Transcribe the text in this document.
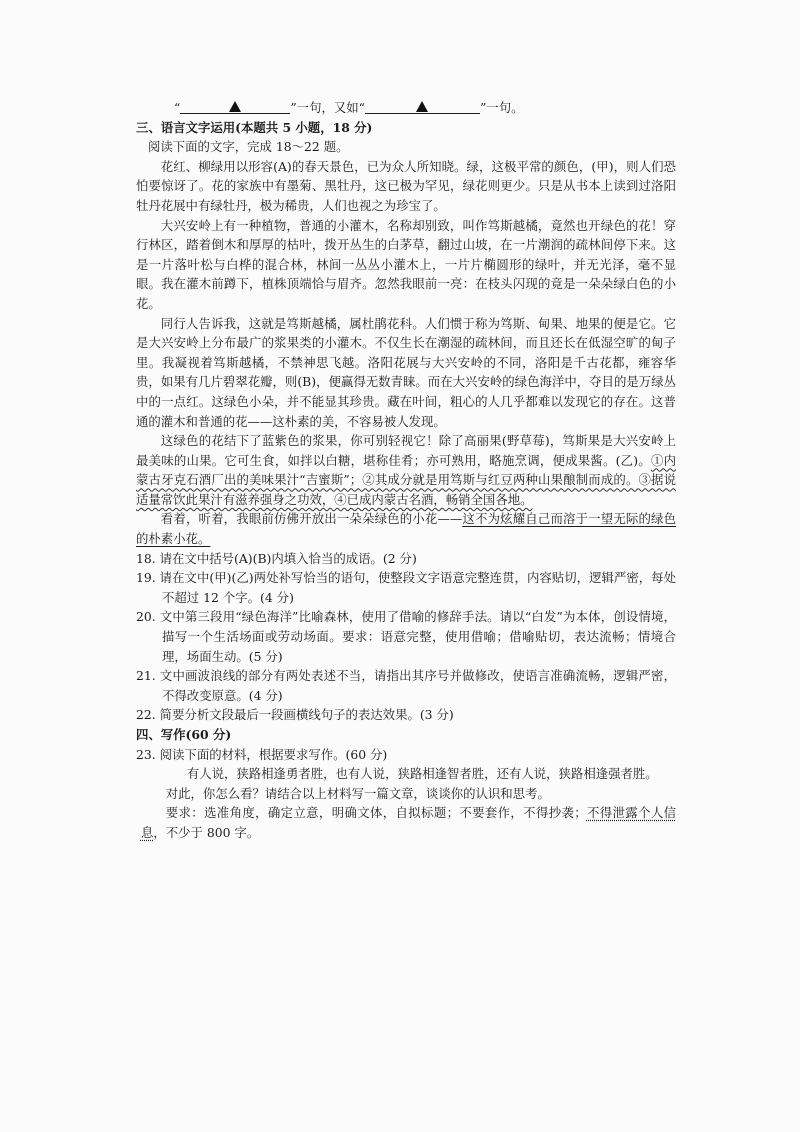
“	”一句，又如“	”一句。
三、语言文字运用(本题共 5 小题，18 分)
阅读下面的文字，完成 18～22 题。

花红、柳绿用以形容(A)的春天景色，已为众人所知晓。绿，这极平常的颜色，(甲)，则人们恐怕要惊讶了。花的家族中有墨菊、黑牡丹，这已极为罕见，绿花则更少。只是从书本上读到过洛阳牡丹花展中有绿牡丹，极为稀贵，人们也视之为珍宝了。

大兴安岭上有一种植物，普通的小灌木，名称却别致，叫作笃斯越橘，竟然也开绿色的花！穿行林区，踏着倒木和厚厚的枯叶，拨开丛生的白茅草，翻过山坡，在一片潮润的疏林间停下来。这是一片落叶松与白桦的混合林，林间一丛丛小灌木上，一片片椭圆形的绿叶，并无光泽，毫不显眼。我在灌木前蹲下，植株顶端恰与眉齐。忽然我眼前一亮：在枝头闪现的竟是一朵朵绿白色的小花。

同行人告诉我，这就是笃斯越橘，属杜鹃花科。人们惯于称为笃斯、甸果、地果的便是它。它是大兴安岭上分布最广的浆果类的小灌木。不仅生长在潮湿的疏林间，而且还长在低湿空旷的甸子里。我凝视着笃斯越橘，不禁神思飞越。洛阳花展与大兴安岭的不同，洛阳是千古花都，雍容华贵，如果有几片碧翠花瓣，则(B)，便赢得无数青睐。而在大兴安岭的绿色海洋中，夺目的是万绿丛中的一点红。这绿色小朵，并不能显其珍贵。藏在叶间，粗心的人几乎都难以发现它的存在。这普通的灌木和普通的花——这朴素的美，不容易被人发现。

这绿色的花结下了蓝紫色的浆果，你可别轻视它！除了高丽果(野草莓)，笃斯果是大兴安岭上最美味的山果。它可生食，如拌以白糖，堪称佳肴；亦可熟用，略施烹调，便成果酱。(乙)。①内蒙古牙克石酒厂出的美味果汁“吉蜜斯”；②其成分就是用笃斯与红豆两种山果酿制而成的。③据说适量常饮此果汁有滋养强身之功效，④已成内蒙古名酒，畅销全国各地。

看着，听着，我眼前仿佛开放出一朵朵绿色的小花——这不为炫耀自己而溶于一望无际的绿色的朴素小花。

18. 请在文中括号(A)(B)内填入恰当的成语。(2 分)

19. 请在文中(甲)(乙)两处补写恰当的语句，使整段文字语意完整连贯，内容贴切，逻辑严密，每处不超过 12 个字。(4 分)

20. 文中第三段用“绿色海洋”比喻森林，使用了借喻的修辞手法。请以“白发”为本体，创设情境，描写一个生活场面或劳动场面。要求：语意完整，使用借喻；借喻贴切，表达流畅；情境合理，场面生动。(5 分)

21. 文中画波浪线的部分有两处表述不当，请指出其序号并做修改，使语言准确流畅，逻辑严密，不得改变原意。(4 分)

22. 简要分析文段最后一段画横线句子的表达效果。(3 分)

四、写作(60 分)

23. 阅读下面的材料，根据要求写作。(60 分)

有人说，狭路相逢勇者胜，也有人说，狭路相逢智者胜，还有人说，狭路相逢强者胜。

对此，你怎么看？请结合以上材料写一篇文章，谈谈你的认识和思考。

要求：选准角度，确定立意，明确文体，自拟标题；不要套作，不得抄袭；不得泄露个人信息，不少于 800 字。
